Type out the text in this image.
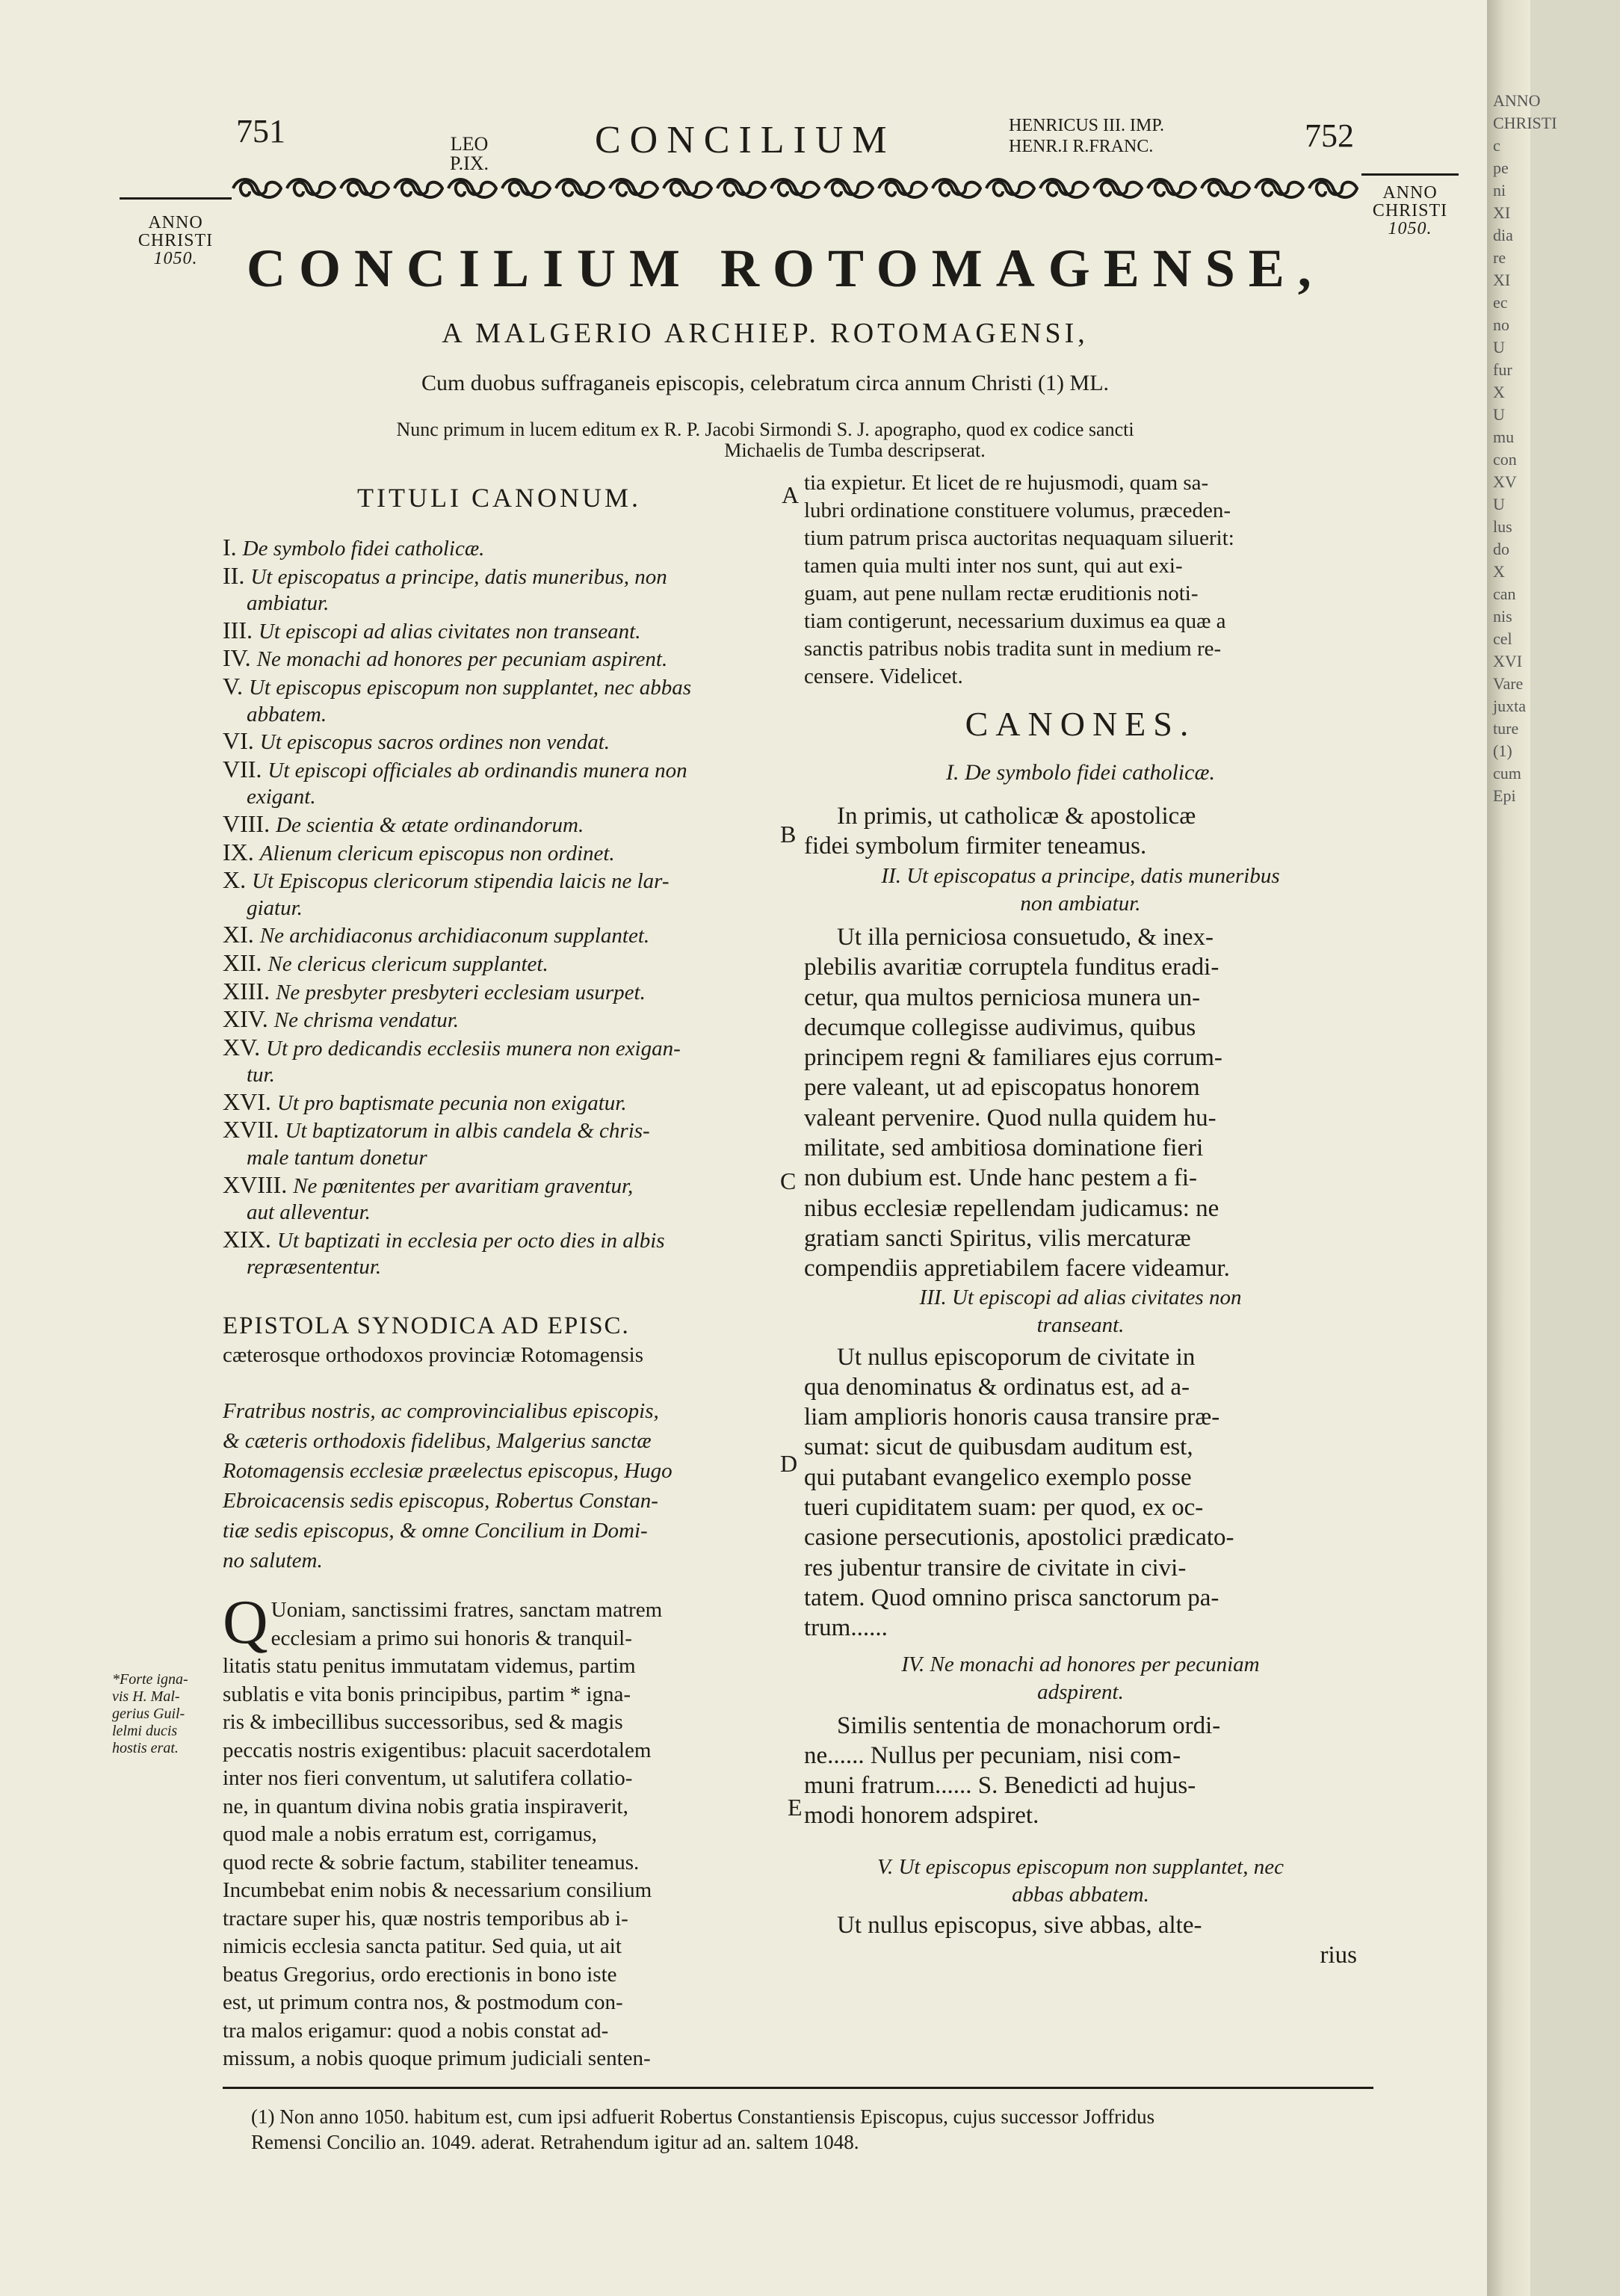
751	LEO
P.IX.
CONCILIUM	HENRICUS III. IMP.
HENR.I R.FRANC.	752
ANNO
CHRISTI
1050.
ANNO
CHRISTI
1050.
CONCILIUM ROTOMAGENSE,
A MALGERIO ARCHIEP. ROTOMAGENSI,
Cum duobus suffraganeis episcopis, celebratum circa annum Christi (1) ML.
Nunc primum in lucem editum ex R. P. Jacobi Sirmondi S. J. apographo, quod ex codice sancti
Michaelis de Tumba descripserat.
TITULI CANONUM.
I. De symbolo fidei catholicæ.
II. Ut episcopatus a principe, datis muneribus, non
ambiatur.
III. Ut episcopi ad alias civitates non transeant.
IV. Ne monachi ad honores per pecuniam aspirent.
V. Ut episcopus episcopum non supplantet, nec abbas
abbatem.
VI. Ut episcopus sacros ordines non vendat.
VII. Ut episcopi officiales ab ordinandis munera non
exigant.
VIII. De scientia & ætate ordinandorum.
IX. Alienum clericum episcopus non ordinet.
X. Ut Episcopus clericorum stipendia laicis ne lar-
giatur.
XI. Ne archidiaconus archidiaconum supplantet.
XII. Ne clericus clericum supplantet.
XIII. Ne presbyter presbyteri ecclesiam usurpet.
XIV. Ne chrisma vendatur.
XV. Ut pro dedicandis ecclesiis munera non exigan-
tur.
XVI. Ut pro baptismate pecunia non exigatur.
XVII. Ut baptizatorum in albis candela & chris-
male tantum donetur
XVIII. Ne pœnitentes per avaritiam graventur,
aut alleventur.
XIX. Ut baptizati in ecclesia per octo dies in albis
repræsententur.
EPISTOLA SYNODICA AD EPISC.
cæterosque orthodoxos provinciæ Rotomagensis
Fratribus nostris, ac comprovincialibus episcopis,
& cæteris orthodoxis fidelibus, Malgerius sanctæ
Rotomagensis ecclesiæ præelectus episcopus, Hugo
Ebroicacensis sedis episcopus, Robertus Constan-
tiæ sedis episcopus, & omne Concilium in Domi-
no salutem.
Q Uoniam, sanctissimi fratres, sanctam matrem
ecclesiam a primo sui honoris & tranquil-
litatis statu penitus immutatam videmus, partim
sublatis e vita bonis principibus, partim * igna-
ris & imbecillibus successoribus, sed & magis
peccatis nostris exigentibus: placuit sacerdotalem
inter nos fieri conventum, ut salutifera collatio-
ne, in quantum divina nobis gratia inspiraverit,
quod male a nobis erratum est, corrigamus,
quod recte & sobrie factum, stabiliter teneamus.
Incumbebat enim nobis & necessarium consilium
tractare super his, quæ nostris temporibus ab i-
nimicis ecclesia sancta patitur. Sed quia, ut ait
beatus Gregorius, ordo erectionis in bono iste
est, ut primum contra nos, & postmodum con-
tra malos erigamur: quod a nobis constat ad-
missum, a nobis quoque primum judiciali senten-
*Forte igna-
vis H. Mal-
gerius Guil-
lelmi ducis
hostis erat.
A
B
C
D
E
tia expietur. Et licet de re hujusmodi, quam sa-
lubri ordinatione constituere volumus, præceden-
tium patrum prisca auctoritas nequaquam siluerit:
tamen quia multi inter nos sunt, qui aut exi-
guam, aut pene nullam rectæ eruditionis noti-
tiam contigerunt, necessarium duximus ea quæ a
sanctis patribus nobis tradita sunt in medium re-
censere. Videlicet.
CANONES.
I. De symbolo fidei catholicæ.
In primis, ut catholicæ & apostolicæ
fidei symbolum firmiter teneamus.
II. Ut episcopatus a principe, datis muneribus
non ambiatur.
Ut illa perniciosa consuetudo, & inex-
plebilis avaritiæ corruptela funditus eradi-
cetur, qua multos perniciosa munera un-
decumque collegisse audivimus, quibus
principem regni & familiares ejus corrum-
pere valeant, ut ad episcopatus honorem
valeant pervenire. Quod nulla quidem hu-
militate, sed ambitiosa dominatione fieri
non dubium est. Unde hanc pestem a fi-
nibus ecclesiæ repellendam judicamus: ne
gratiam sancti Spiritus, vilis mercaturæ
compendiis appretiabilem facere videamur.
III. Ut episcopi ad alias civitates non
transeant.
Ut nullus episcoporum de civitate in
qua denominatus & ordinatus est, ad a-
liam amplioris honoris causa transire præ-
sumat: sicut de quibusdam auditum est,
qui putabant evangelico exemplo posse
tueri cupiditatem suam: per quod, ex oc-
casione persecutionis, apostolici prædicato-
res jubentur transire de civitate in civi-
tatem. Quod omnino prisca sanctorum pa-
trum......
IV. Ne monachi ad honores per pecuniam
adspirent.
Similis sententia de monachorum ordi-
ne...... Nullus per pecuniam, nisi com-
muni fratrum...... S. Benedicti ad hujus-
modi honorem adspiret.
V. Ut episcopus episcopum non supplantet, nec
abbas abbatem.
Ut nullus episcopus, sive abbas, alte-
rius
(1) Non anno 1050. habitum est, cum ipsi adfuerit Robertus Constantiensis Episcopus, cujus successor Joffridus
Remensi Concilio an. 1049. aderat. Retrahendum igitur ad an. saltem 1048.
ANNO
CHRISTI
c
pe
ni
XI
dia
re
XI
ec
no
U
fur
X
U
mu
con
XV
U
lus
do
X
can
nis
cel
XVI
Vare
juxta
ture
(1)
cum
Epi
